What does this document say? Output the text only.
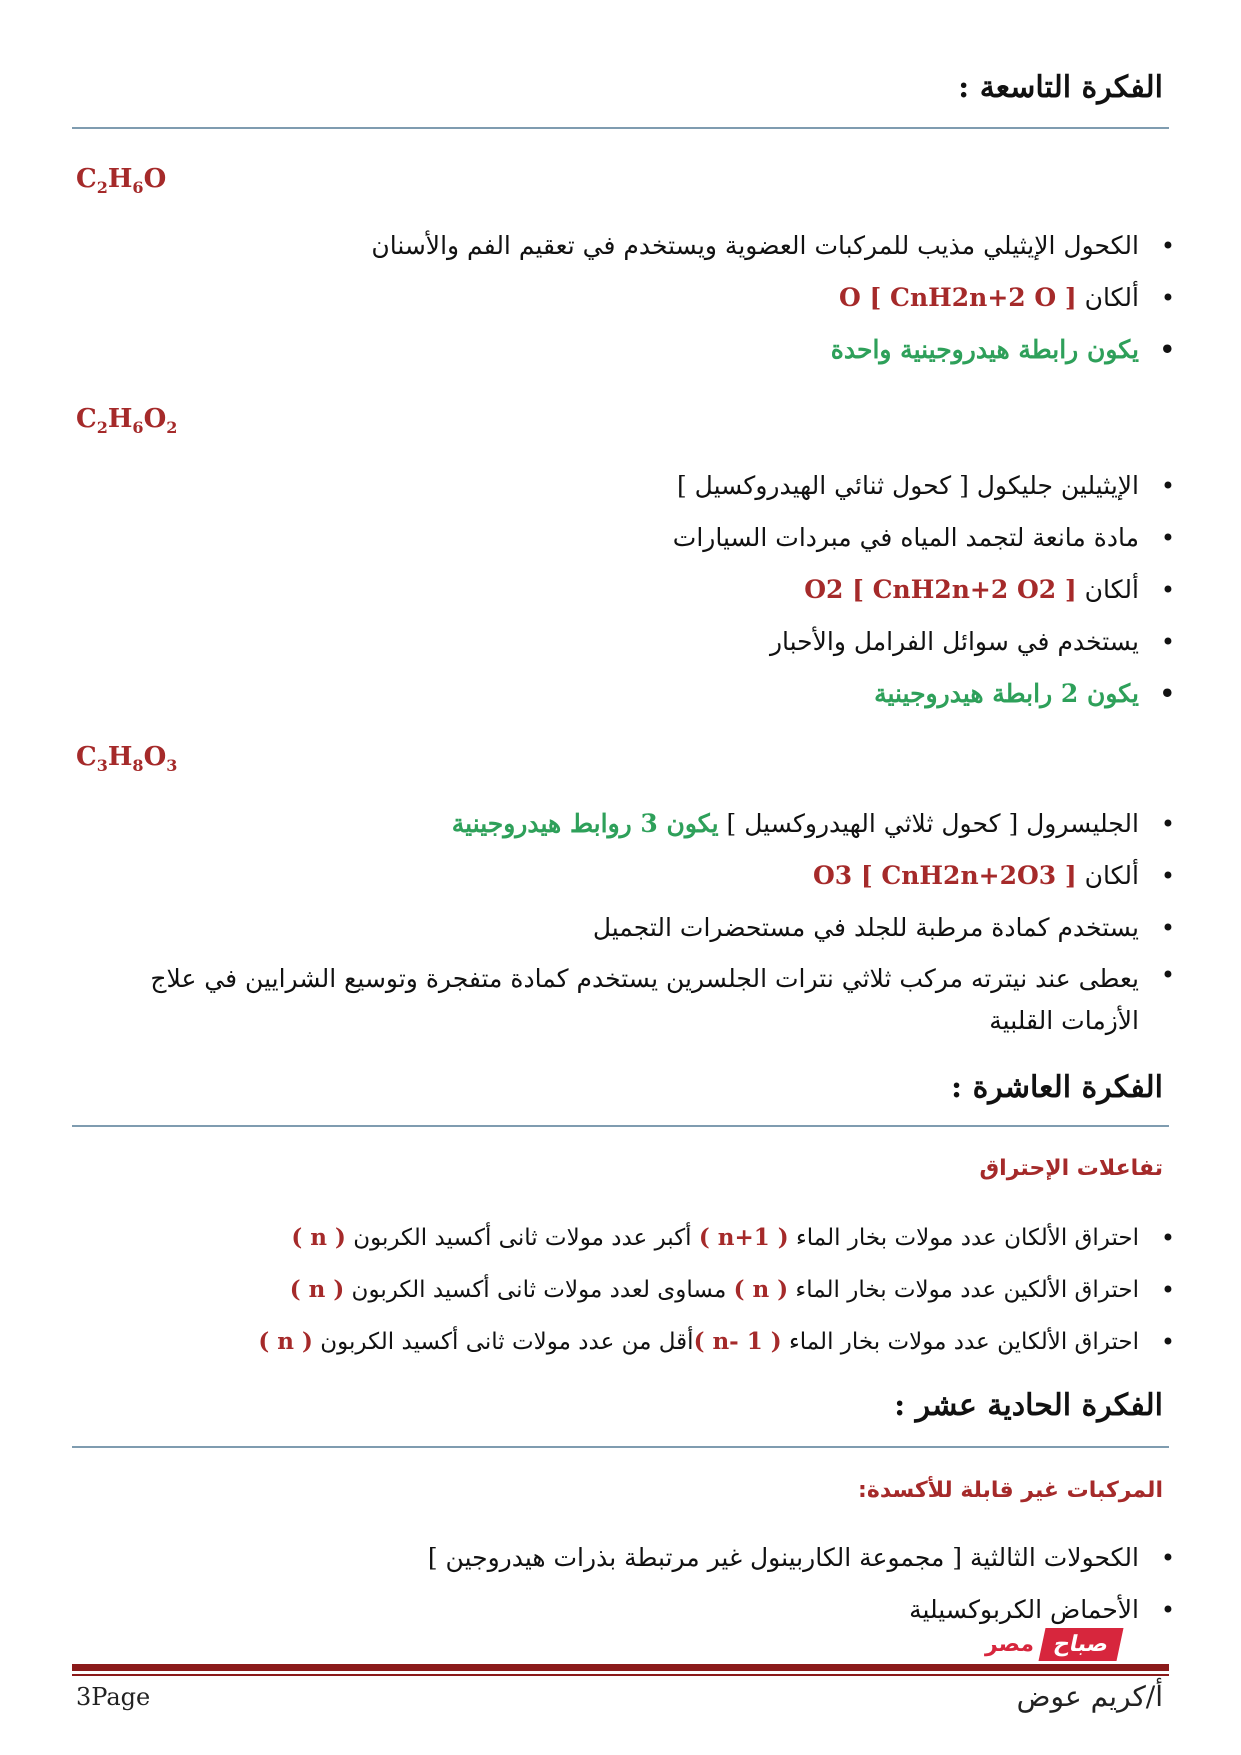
الفكرة التاسعة :
$C_2H_6O$
• الكحول الإيثيلي مذيب للمركبات العضوية ويستخدم في تعقيم الفم والأسنان
• ألكان O [ CnH2n+2 O ]
• يكون رابطة هيدروجينية واحدة
$C_2H_6O_2$
• الإيثيلين جليكول [ كحول ثنائي الهيدروكسيل ]
• مادة مانعة لتجمد المياه في مبردات السيارات
• ألكان O2 [ CnH2n+2 O2 ]
• يستخدم في سوائل الفرامل والأحبار
• يكون 2 رابطة هيدروجينية
$C_3H_8O_3$
• الجليسرول [ كحول ثلاثي الهيدروكسيل ] يكون 3 روابط هيدروجينية
• ألكان O3 [ CnH2n+2O3 ]
• يستخدم كمادة مرطبة للجلد في مستحضرات التجميل
• يعطى عند نيترته مركب ثلاثي نترات الجلسرين يستخدم كمادة متفجرة وتوسيع الشرايين في علاج الأزمات القلبية
الفكرة العاشرة :
تفاعلات الإحتراق
• احتراق الألكان عدد مولات بخار الماء ( n+1 ) أكبر عدد مولات ثانى أكسيد الكربون ( n )
• احتراق الألكين عدد مولات بخار الماء ( n ) مساوى لعدد مولات ثانى أكسيد الكربون ( n )
• احتراق الألكاين عدد مولات بخار الماء ( n- 1 )أقل من عدد مولات ثانى أكسيد الكربون ( n )
الفكرة الحادية عشر :
المركبات غير قابلة للأكسدة:
• الكحولات الثالثية [ مجموعة الكاربينول غير مرتبطة بذرات هيدروجين ]
• الأحماض الكربوكسيلية
صباح
مصر
3Page	أ/كريم عوض
